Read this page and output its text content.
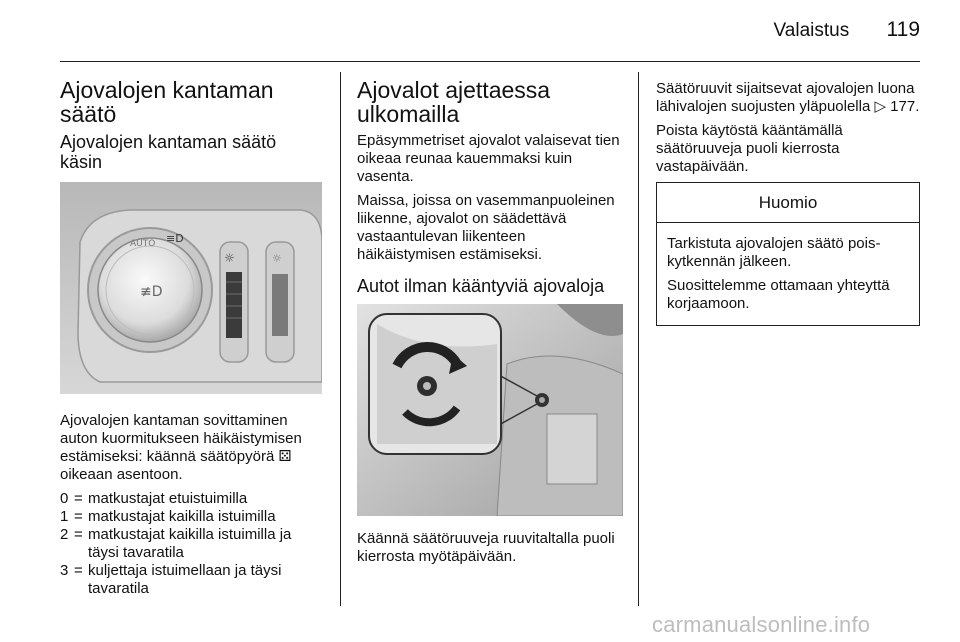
Valaistus 119
Ajovalojen kantaman säätö
Ajovalojen kantaman säätö käsin
AUTO ≡D
≢D
☼	☼

Ajovalojen kantaman sovittaminen auton kuormitukseen häikäistymisen estämiseksi: käännä säätöpyörä ⚄ oikeaan asentoon.

0 = matkustajat etuistuimilla
1 = matkustajat kaikilla istuimilla
2 = matkustajat kaikilla istuimilla ja täysi tavaratila
3 = kuljettaja istuimellaan ja täysi tavaratila
Ajovalot ajettaessa ulkomailla

Epäsymmetriset ajovalot valaisevat tien oikeaa reunaa kauemmaksi kuin vasenta.

Maissa, joissa on vasemmanpuoleinen liikenne, ajovalot on säädettävä vastaantulevan liikenteen häikäistymisen estämiseksi.

Autot ilman kääntyviä ajovaloja

Käännä säätöruuveja ruuvitaltalla puoli kierrosta myötäpäivään.

Säätöruuvit sijaitsevat ajovalojen luona lähivalojen suojusten yläpuolella ▷ 177.

Poista käytöstä kääntämällä säätöruuveja puoli kierrosta vastapäivään.

Huomio

Tarkistuta ajovalojen säätö pois-kytkennän jälkeen.

Suosittelemme ottamaan yhteyttä korjaamoon.

carmanualsonline.info
